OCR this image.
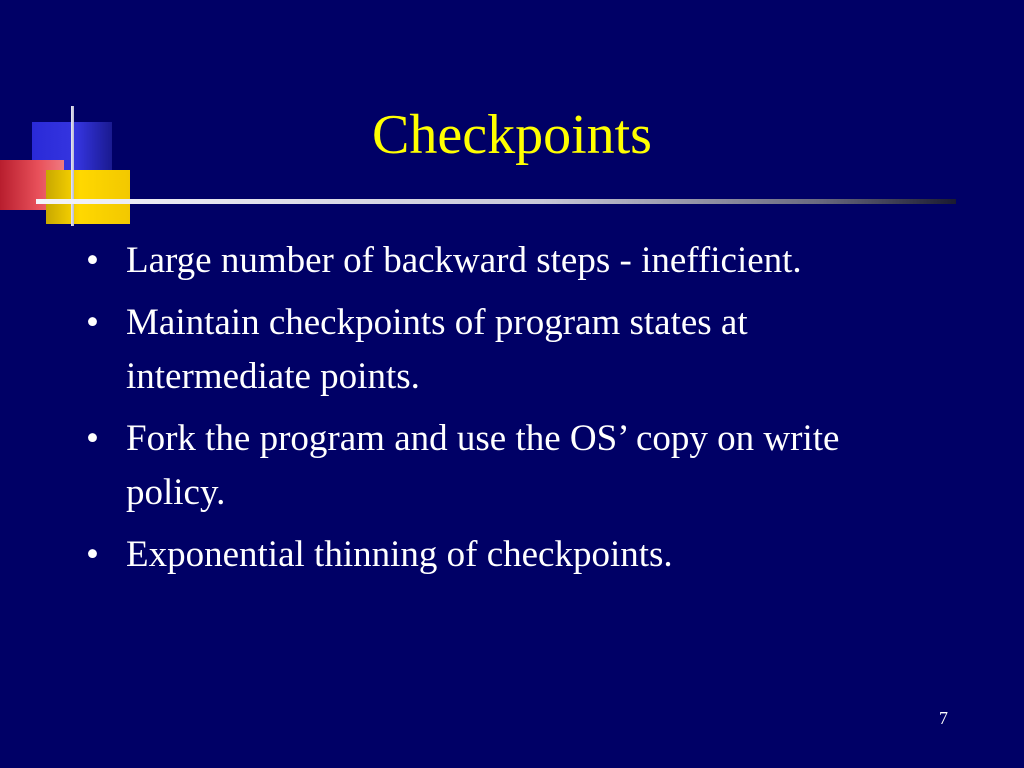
Checkpoints
• Large number of backward steps - inefficient.
• Maintain checkpoints of program states at intermediate points.
• Fork the program and use the OS’ copy on write policy.
• Exponential thinning of checkpoints.
7
